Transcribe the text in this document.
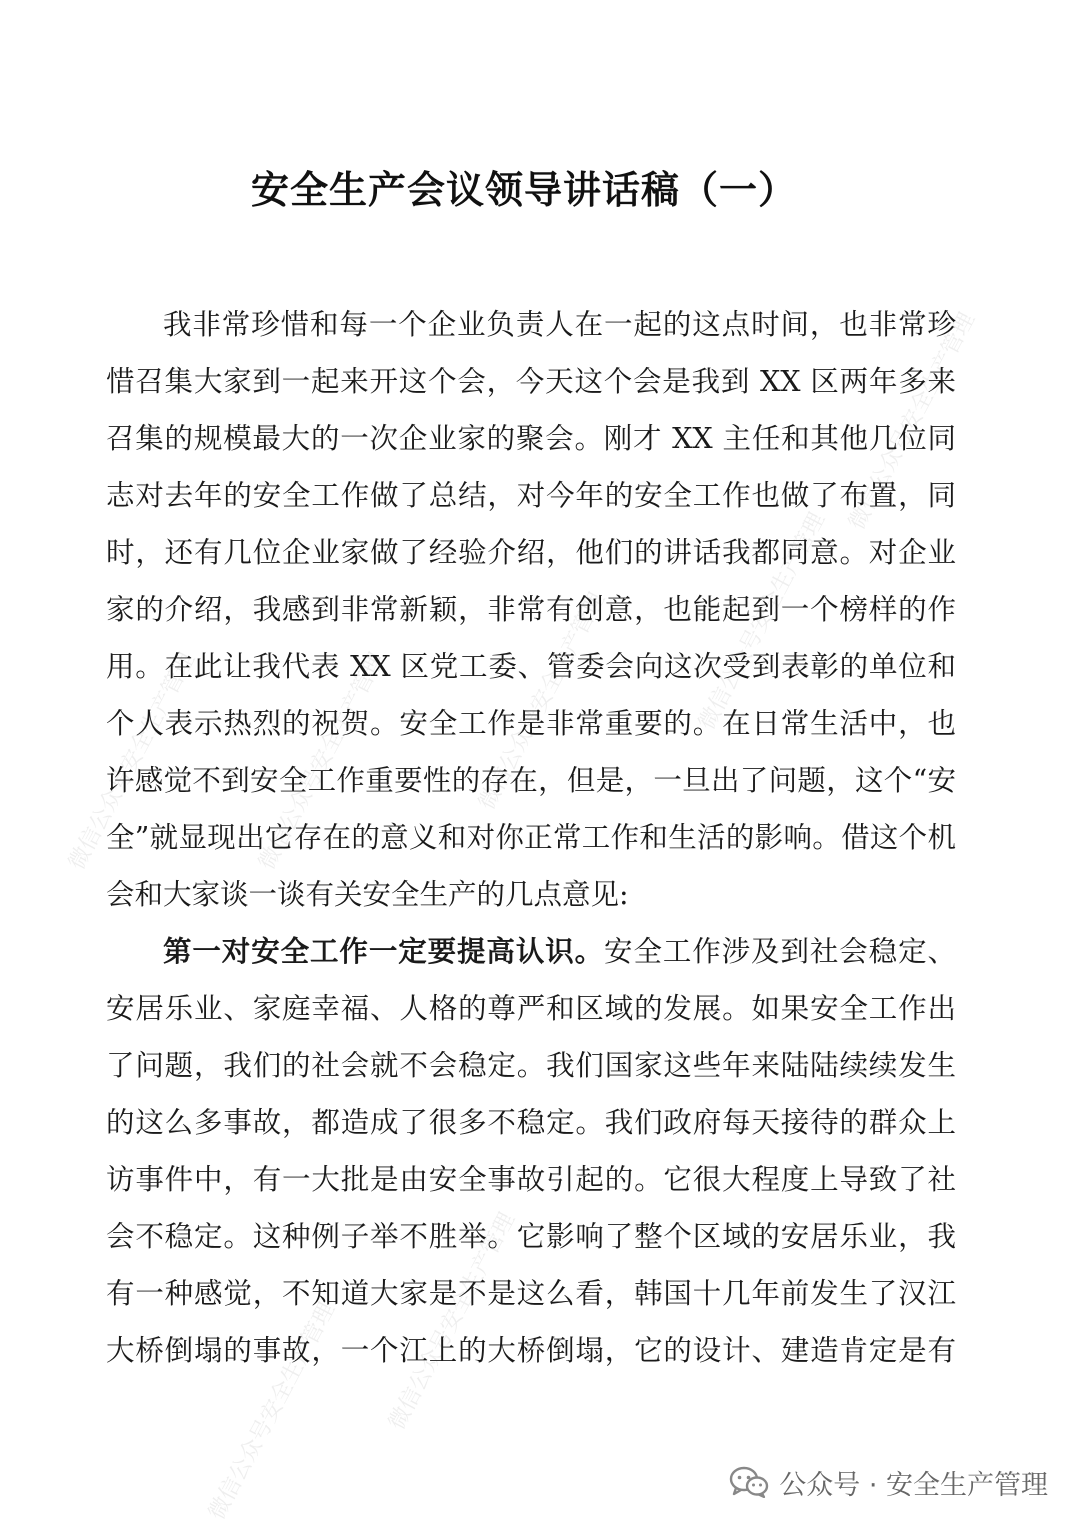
微信公众号安全生产管理 微信公众号安全生产管理	微信公众号安全生产管理	微信公众号安全生产管理
微信公众号安全生产管理
微信公众号安全生产管理
微信公众号安全生产管理
安全生产会议领导讲话稿（一）
我非常珍惜和每一个企业负责人在一起的这点时间，也非常珍
惜召集大家到一起来开这个会，今天这个会是我到 XX 区两年多来
召集的规模最大的一次企业家的聚会。刚才 XX 主任和其他几位同
志对去年的安全工作做了总结，对今年的安全工作也做了布置，同
时，还有几位企业家做了经验介绍，他们的讲话我都同意。对企业
家的介绍，我感到非常新颖，非常有创意，也能起到一个榜样的作
用。在此让我代表 XX 区党工委、管委会向这次受到表彰的单位和
个人表示热烈的祝贺。安全工作是非常重要的。在日常生活中，也
许感觉不到安全工作重要性的存在，但是，一旦出了问题，这个“安
全”就显现出它存在的意义和对你正常工作和生活的影响。借这个机
会和大家谈一谈有关安全生产的几点意见:
第一对安全工作一定要提高认识。安全工作涉及到社会稳定、
安居乐业、家庭幸福、人格的尊严和区域的发展。如果安全工作出
了问题，我们的社会就不会稳定。我们国家这些年来陆陆续续发生
的这么多事故，都造成了很多不稳定。我们政府每天接待的群众上
访事件中，有一大批是由安全事故引起的。它很大程度上导致了社
会不稳定。这种例子举不胜举。它影响了整个区域的安居乐业，我
有一种感觉，不知道大家是不是这么看，韩国十几年前发生了汉江
大桥倒塌的事故，一个江上的大桥倒塌，它的设计、建造肯定是有
公众号 · 安全生产管理
